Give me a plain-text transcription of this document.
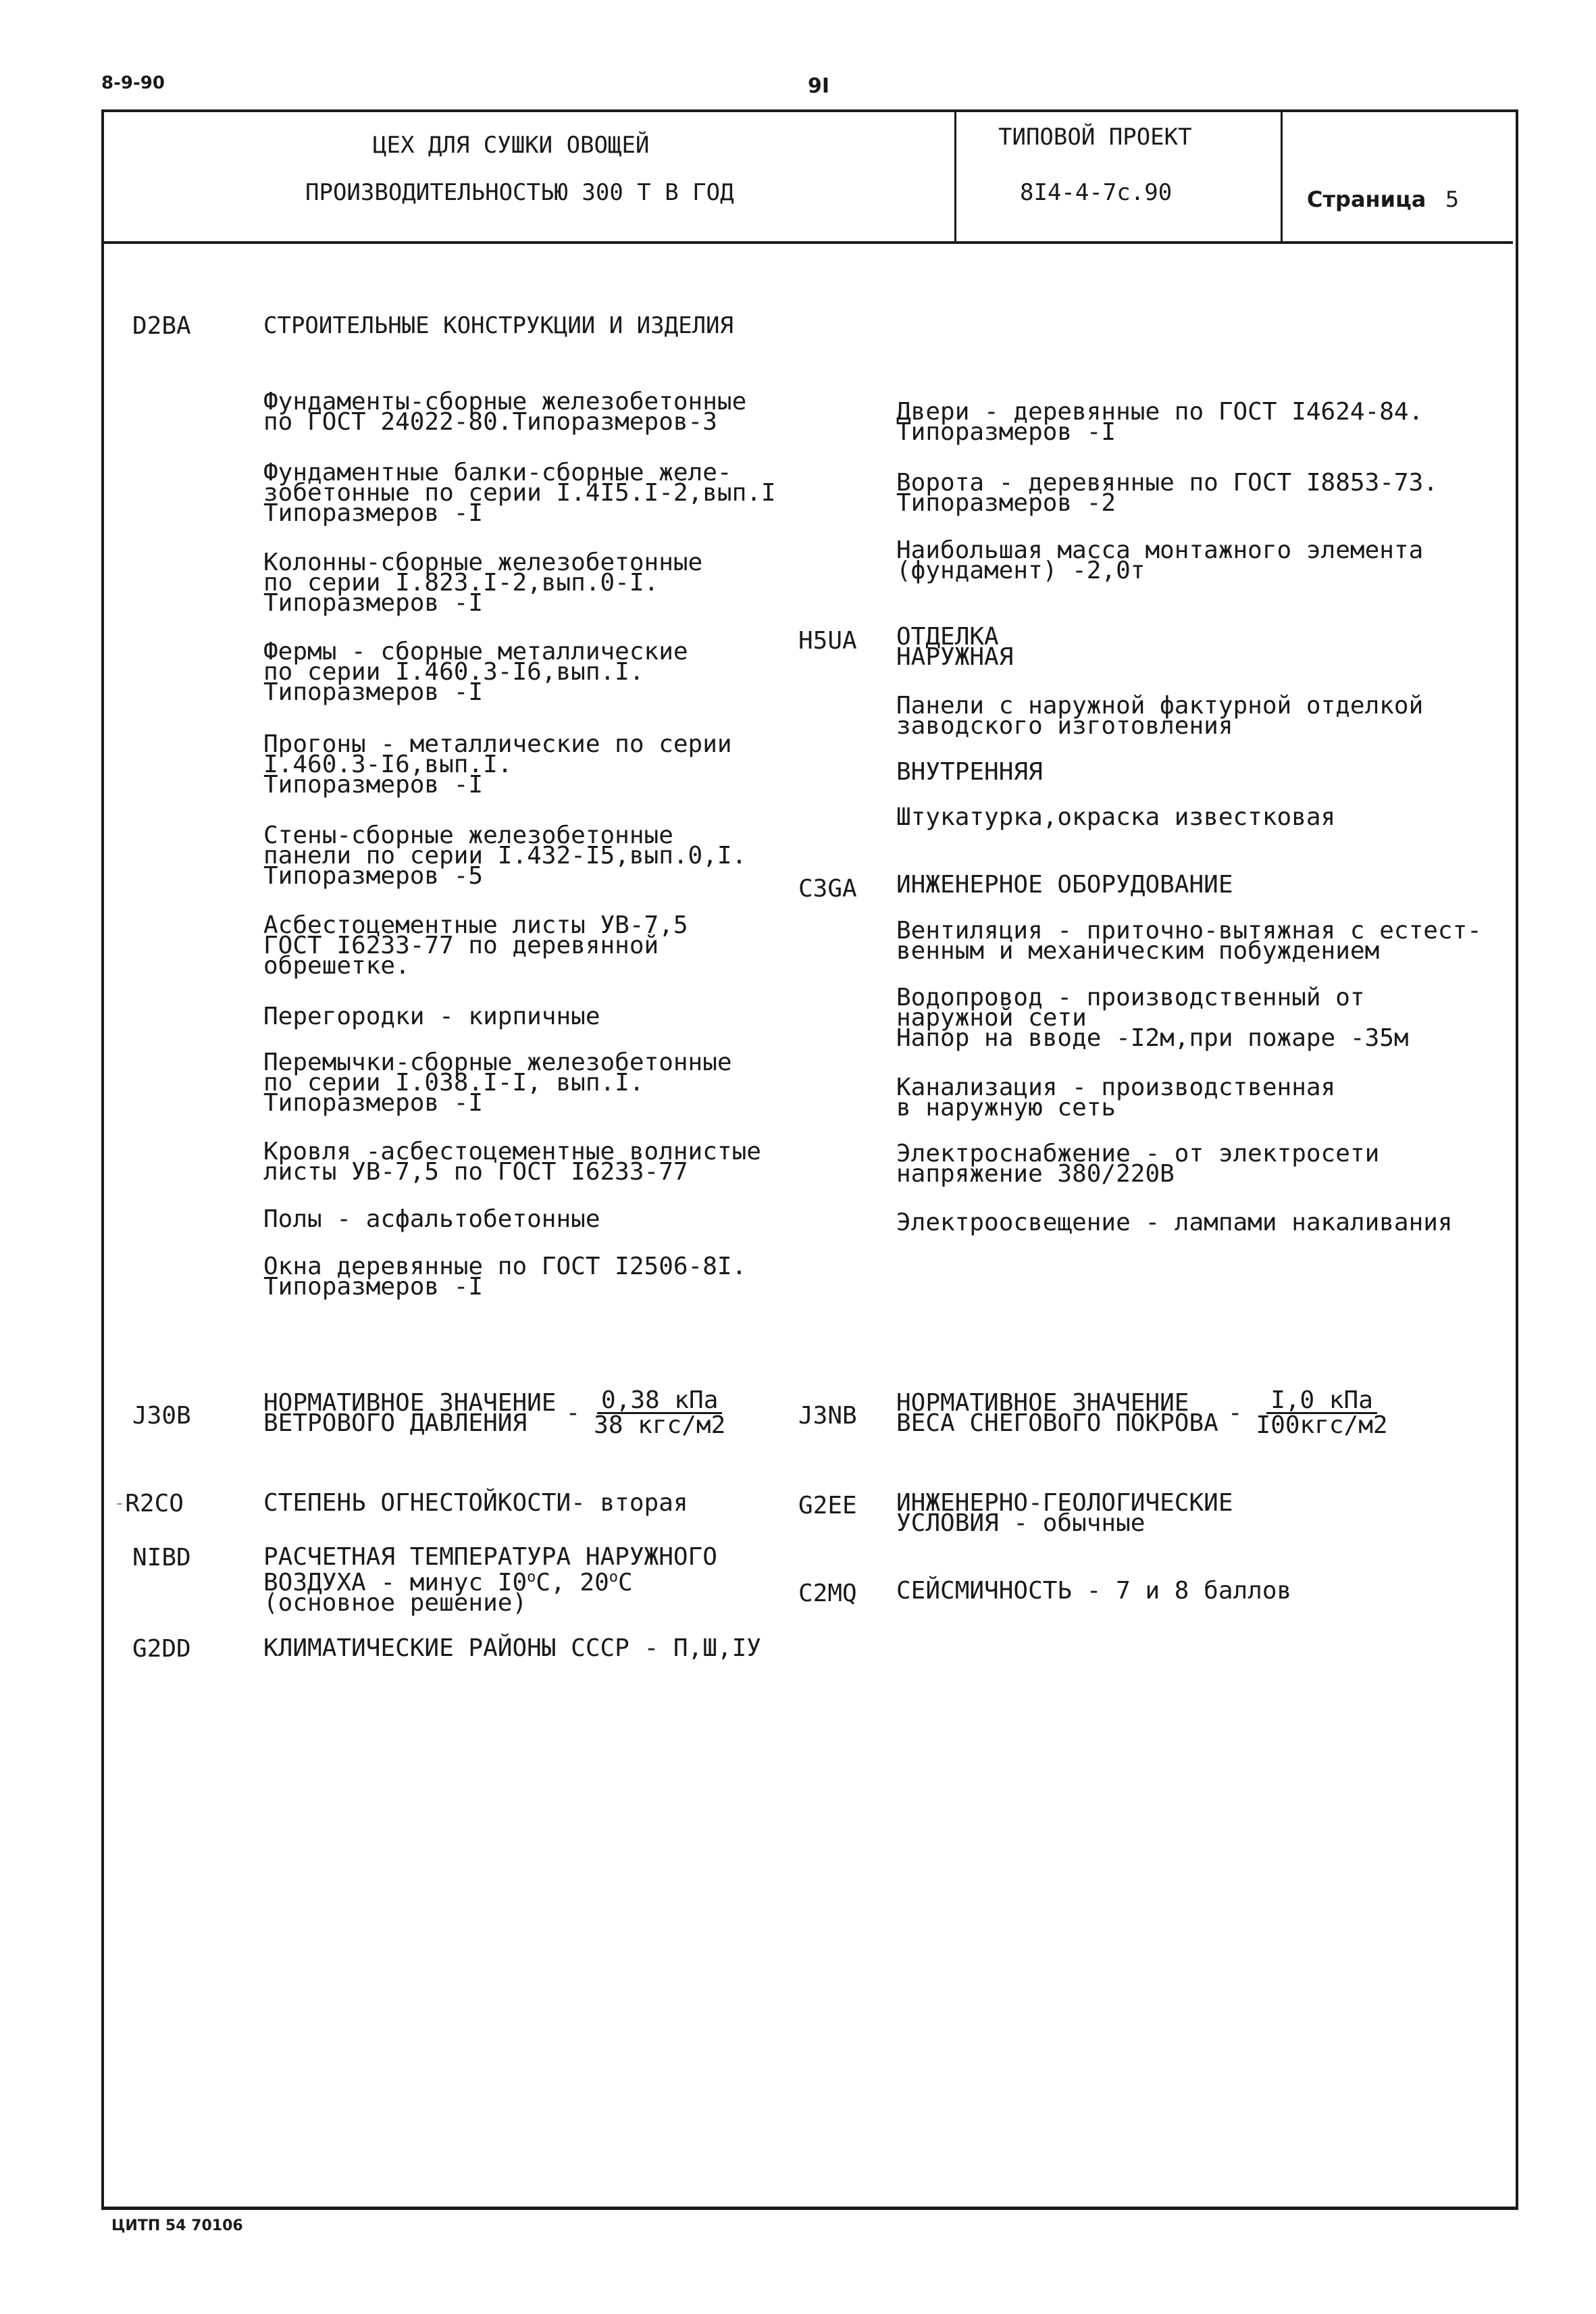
8-9-90	9I
ЦЕХ ДЛЯ СУШКИ ОВОЩЕЙ
ПРОИЗВОДИТЕЛЬНОСТЬЮ 300 Т В ГОД
ТИПОВОЙ ПРОЕКТ
8I4-4-7с.90	Страница 5
D2BA	СТРОИТЕЛЬНЫЕ КОНСТРУКЦИИ И ИЗДЕЛИЯ
Фундаменты-сборные железобетонные
по ГОСТ 24022-80.Типоразмеров-3
Фундаментные балки-сборные желе-
зобетонные по серии I.4I5.I-2,вып.I
Типоразмеров -I
Колонны-сборные железобетонные
по серии I.823.I-2,вып.0-I.
Типоразмеров -I
Фермы - сборные металлические
по серии I.460.3-I6,вып.I.
Типоразмеров -I
Прогоны - металлические по серии
I.460.3-I6,вып.I.
Типоразмеров -I
Стены-сборные железобетонные
панели по серии I.432-I5,вып.0,I.
Типоразмеров -5
Асбестоцементные листы УВ-7,5
ГОСТ I6233-77 по деревянной
обрешетке.
Перегородки - кирпичные
Перемычки-сборные железобетонные
по серии I.038.I-I, вып.I.
Типоразмеров -I
Кровля -асбестоцементные волнистые
листы УВ-7,5 по ГОСТ I6233-77
Полы - асфальтобетонные
Окна деревянные по ГОСТ I2506-8I.
Типоразмеров -I
Двери - деревянные по ГОСТ I4624-84.
Типоразмеров -I
Ворота - деревянные по ГОСТ I8853-73.
Типоразмеров -2
Наибольшая масса монтажного элемента
(фундамент) -2,0т
H5UA ОТДЕЛКА
НАРУЖНАЯ
Панели с наружной фактурной отделкой
заводского изготовления
ВНУТРЕННЯЯ
Штукатурка,окраска известковая
C3GA ИНЖЕНЕРНОЕ ОБОРУДОВАНИЕ
Вентиляция - приточно-вытяжная с естест-
венным и механическим побуждением
Водопровод - производственный от
наружной сети
Напор на вводе -I2м,при пожаре -35м
Канализация - производственная
в наружную сеть
Электроснабжение - от электросети
напряжение 380/220В
Электроосвещение - лампами накаливания
J30B	НОРМАТИВНОЕ ЗНАЧЕНИЕ
ВЕТРОВОГО ДАВЛЕНИЯ	- $\frac{\text{0,38 кПа}}{\text{38 кгс/м2}}$	J3NB НОРМАТИВНОЕ ЗНАЧЕНИЕ
ВЕСА СНЕГОВОГО ПОКРОВА - $\frac{\text{I,0 кПа}}{\text{I00кгс/м2}}$
⁻R2CO	СТЕПЕНЬ ОГНЕСТОЙКОСТИ- вторая	G2EE ИНЖЕНЕРНО-ГЕОЛОГИЧЕСКИЕ
УСЛОВИЯ - обычные
NIBD	РАСЧЕТНАЯ ТЕМПЕРАТУРА НАРУЖНОГО
ВОЗДУХА - минус I0$^o$С, 20$^o$С
(основное решение)	C2MQ СЕЙСМИЧНОСТЬ - 7 и 8 баллов
G2DD	КЛИМАТИЧЕСКИЕ РАЙОНЫ СССР - П,Ш,IУ
ЦИТП 54 70106
